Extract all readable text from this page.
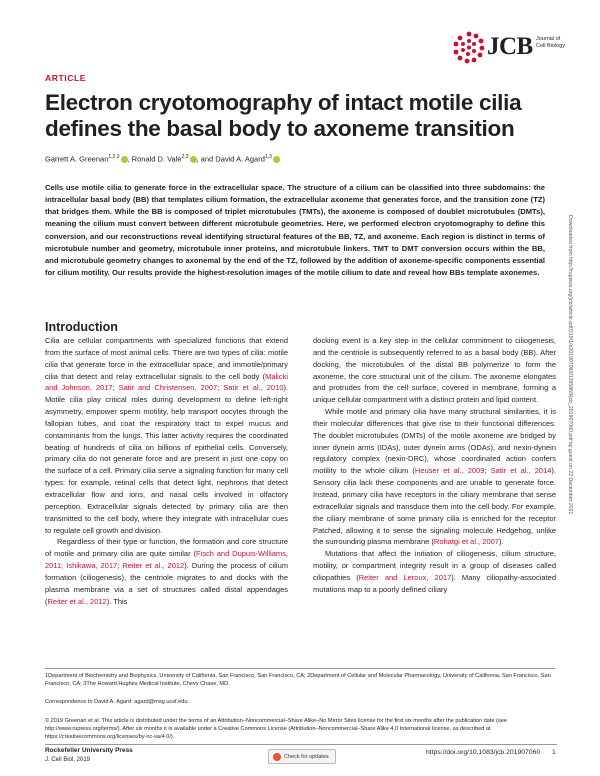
JCB Journal of Cell Biology
ARTICLE
Electron cryotomography of intact motile cilia defines the basal body to axoneme transition
Garrett A. Greenan$^{1,2,3}$ , Ronald D. Vale$^{2,3}$ , and David A. Agard$^{1,3}$

Cells use motile cilia to generate force in the extracellular space. The structure of a cilium can be classified into three subdomains: the intracellular basal body (BB) that templates cilium formation, the extracellular axoneme that generates force, and the transition zone (TZ) that bridges them. While the BB is composed of triplet microtubules (TMTs), the axoneme is composed of doublet microtubules (DMTs), meaning the cilium must convert between different microtubule geometries. Here, we performed electron cryotomography to define this conversion, and our reconstructions reveal identifying structural features of the BB, TZ, and axoneme. Each region is distinct in terms of microtubule number and geometry, microtubule inner proteins, and microtubule linkers. TMT to DMT conversion occurs within the BB, and microtubule geometry changes to axonemal by the end of the TZ, followed by the addition of axoneme-specific components essential for cilium motility. Our results provide the highest-resolution images of the motile cilium to date and reveal how BBs template axonemes.

Introduction

Cilia are cellular compartments with specialized functions that extend from the surface of most animal cells. There are two types of cilia: motile cilia that generate force in the extracellular space, and immotile/primary cilia that detect and relay extracellular signals to the cell body (Malicki and Johnson, 2017; Satir and Christensen, 2007; Satir et al., 2010). Motile cilia play critical roles during development to define left-right asymmetry, empower sperm motility, help transport oocytes through the fallopian tubes, and coat the respiratory tract to expel mucus and contaminants from the lungs. This latter activity requires the coordinated beating of hundreds of cilia on billions of epithelial cells. Conversely, primary cilia do not generate force and are present in just one copy on the surface of a cell. Primary cilia serve a signaling function for many cell types: for example, retinal cells that detect light, nephrons that detect extracellular flow and ions, and nasal cells involved in olfactory perception. Extracellular signals detected by primary cilia are then transmitted to the cell body, where they integrate with intracellular cues to regulate cell growth and division.

Regardless of their type or function, the formation and core structure of motile and primary cilia are quite similar (Fisch and Dupuis-Williams, 2011; Ishikawa, 2017; Reiter et al., 2012). During the process of cilium formation (ciliogenesis), the centriole migrates to and docks with the plasma membrane via a set of structures called distal appendages (Reiter et al., 2012). This

docking event is a key step in the cellular commitment to ciliogenesis, and the centriole is subsequently referred to as a basal body (BB). After docking, the microtubules of the distal BB polymerize to form the axoneme, the core structural unit of the cilium. The axoneme elongates and protrudes from the cell surface, covered in membrane, forming a unique cellular compartment with a distinct protein and lipid content.

While motile and primary cilia have many structural similarities, it is their molecular differences that give rise to their functional differences. The doublet microtubules (DMTs) of the motile axoneme are bridged by inner dynein arms (IDAs), outer dynein arms (ODAs), and nexin-dynein regulatory complex (nexin-DRC), whose coordinated action confers motility to the whole cilium (Heuser et al., 2009; Satir et al., 2014). Sensory cilia lack these components and are unable to generate force. Instead, primary cilia have receptors in the ciliary membrane that sense extracellular signals and transduce them into the cell body. For example, the ciliary membrane of some primary cilia is enriched for the receptor Patched, allowing it to sense the signaling molecule Hedgehog, unlike the surrounding plasma membrane (Rohatgi et al., 2007).

Mutations that affect the initiation of ciliogenesis, cilium structure, motility, or compartment integrity result in a group of diseases called ciliopathies (Reiter and Leroux, 2017). Many ciliopathy-associated mutations map to a poorly defined ciliary

1Department of Biochemistry and Biophysics, University of California, San Francisco, San Francisco, CA; 2Department of Cellular and Molecular Pharmacology, University of California, San Francisco, San Francisco, CA; 3The Howard Hughes Medical Institute, Chevy Chase, MD.
Correspondence to David A. Agard: agard@msg.ucsf.edu.
© 2019 Greenan et al. This article is distributed under the terms of an Attribution–Noncommercial–Share Alike–No Mirror Sites license for the first six months after the publication date (see http://www.rupress.org/terms/). After six months it is available under a Creative Commons License (Attribution–Noncommercial–Share Alike 4.0 International license, as described at https://creativecommons.org/licenses/by-nc-sa/4.0/).
Rockefeller University Press
J. Cell Biol. 2019
Check for updates
https://doi.org/10.1083/jcb.201907060 1
Downloaded from http://rupress.org/jcb/article-pdf/219/1/e201907060/1395869/jcb_201907060.pdf by guest on 22 December 2021
